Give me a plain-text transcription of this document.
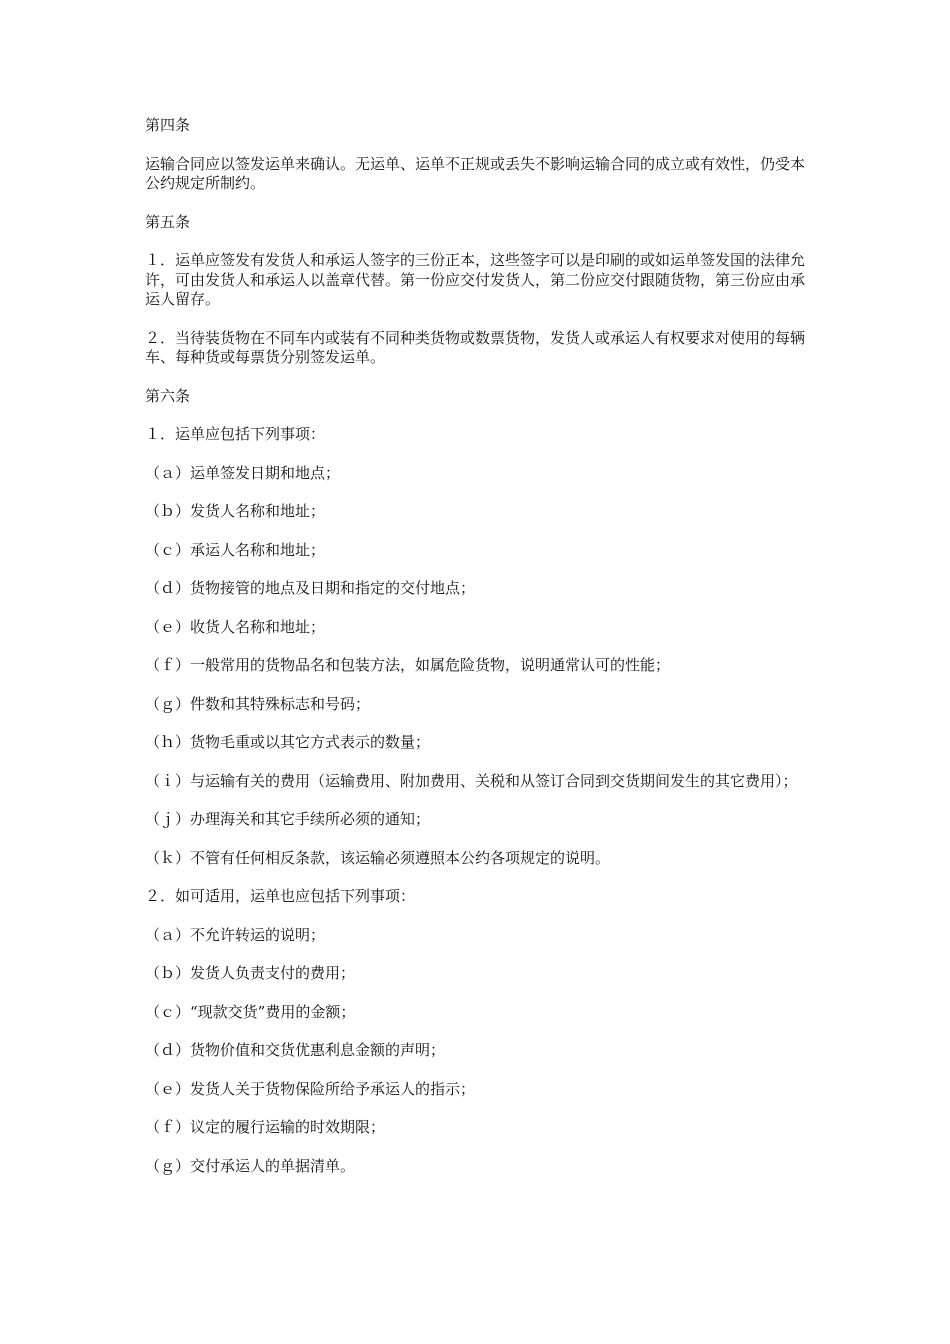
第四条

运输合同应以签发运单来确认。无运单、运单不正规或丢失不影响运输合同的成立或有效性，仍受本公约规定所制约。

第五条

１．运单应签发有发货人和承运人签字的三份正本，这些签字可以是印刷的或如运单签发国的法律允许，可由发货人和承运人以盖章代替。第一份应交付发货人，第二份应交付跟随货物，第三份应由承运人留存。

２．当待装货物在不同车内或装有不同种类货物或数票货物，发货人或承运人有权要求对使用的每辆车、每种货或每票货分别签发运单。

第六条

１．运单应包括下列事项：

（ａ）运单签发日期和地点；

（ｂ）发货人名称和地址；

（ｃ）承运人名称和地址；

（ｄ）货物接管的地点及日期和指定的交付地点；

（ｅ）收货人名称和地址；

（ｆ）一般常用的货物品名和包装方法，如属危险货物，说明通常认可的性能；

（ｇ）件数和其特殊标志和号码；

（ｈ）货物毛重或以其它方式表示的数量；

（ｉ）与运输有关的费用（运输费用、附加费用、关税和从签订合同到交货期间发生的其它费用）；

（ｊ）办理海关和其它手续所必须的通知；

（ｋ）不管有任何相反条款，该运输必须遵照本公约各项规定的说明。

２．如可适用，运单也应包括下列事项：

（ａ）不允许转运的说明；

（ｂ）发货人负责支付的费用；

（ｃ）“现款交货”费用的金额；

（ｄ）货物价值和交货优惠利息金额的声明；

（ｅ）发货人关于货物保险所给予承运人的指示；

（ｆ）议定的履行运输的时效期限；

（ｇ）交付承运人的单据清单。
